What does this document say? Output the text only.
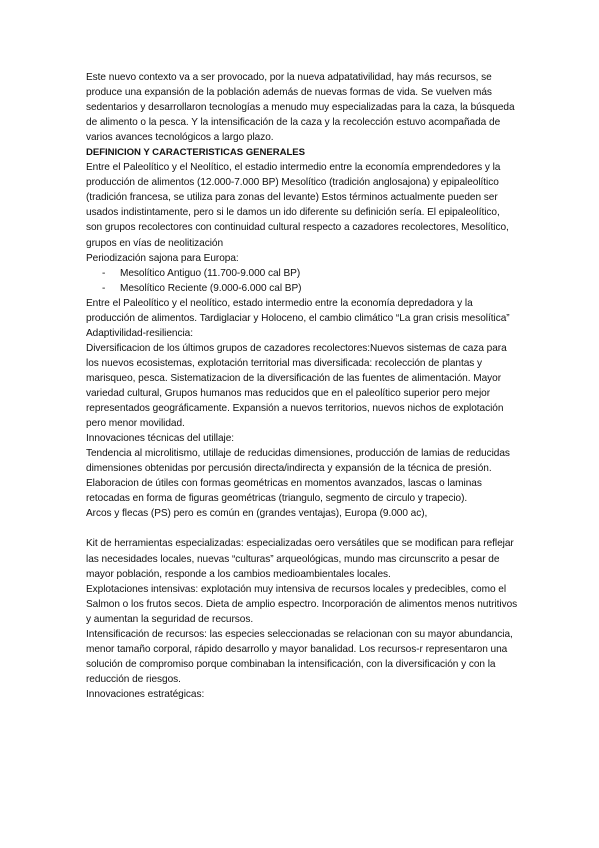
Este nuevo contexto va a ser provocado, por la nueva adpatativilidad, hay más recursos, se produce una expansión de la población además de nuevas formas de vida. Se vuelven más sedentarios y desarrollaron tecnologías a menudo muy especializadas para la caza, la búsqueda de alimento o la pesca. Y la intensificación de la caza y la recolección estuvo acompañada de varios avances tecnológicos a largo plazo.

DEFINICION Y CARACTERISTICAS GENERALES

Entre el Paleolítico y el Neolítico, el estadio intermedio entre la economía emprendedores y la producción de alimentos (12.000-7.000 BP) Mesolítico (tradición anglosajona) y epipaleolítico (tradición francesa, se utiliza para zonas del levante) Estos términos actualmente pueden ser usados indistintamente, pero si le damos un ido diferente su definición sería. El epipaleolítico, son grupos recolectores con continuidad cultural respecto a cazadores recolectores, Mesolítico, grupos en vías de neolitización

Periodización sajona para Europa:

- Mesolítico Antiguo (11.700-9.000 cal BP)
- Mesolítico Reciente (9.000-6.000 cal BP)

Entre el Paleolítico y el neolítico, estado intermedio entre la economía depredadora y la producción de alimentos. Tardiglaciar y Holoceno, el cambio climático “La gran crisis mesolítica”

Adaptivilidad-resiliencia:

Diversificacion de los últimos grupos de cazadores recolectores:Nuevos sistemas de caza para los nuevos ecosistemas, explotación territorial mas diversificada: recolección de plantas y marisqueo, pesca. Sistematizacion de la diversificación de las fuentes de alimentación. Mayor variedad cultural, Grupos humanos mas reducidos que en el paleolítico superior pero mejor representados geográficamente. Expansión a nuevos territorios, nuevos nichos de explotación pero menor movilidad.

Innovaciones técnicas del utillaje:

Tendencia al microlitismo, utillaje de reducidas dimensiones, producción de lamias de reducidas dimensiones obtenidas por percusión directa/indirecta y expansión de la técnica de presión.

Elaboracion de útiles con formas geométricas en momentos avanzados, lascas o laminas retocadas en forma de figuras geométricas (triangulo, segmento de circulo y trapecio).

Arcos y flecas (PS) pero es común en (grandes ventajas), Europa (9.000 ac),

Kit de herramientas especializadas: especializadas oero versátiles que se modifican para reflejar las necesidades locales, nuevas “culturas” arqueológicas, mundo mas circunscrito a pesar de mayor población, responde a los cambios medioambientales locales.

Explotaciones intensivas: explotación muy intensiva de recursos locales y predecibles, como el Salmon o los frutos secos. Dieta de amplio espectro. Incorporación de alimentos menos nutritivos y aumentan la seguridad de recursos.

Intensificación de recursos: las especies seleccionadas se relacionan con su mayor abundancia, menor tamaño corporal, rápido desarrollo y mayor banalidad. Los recursos-r representaron una solución de compromiso porque combinaban la intensificación, con la diversificación y con la reducción de riesgos.

Innovaciones estratégicas:
